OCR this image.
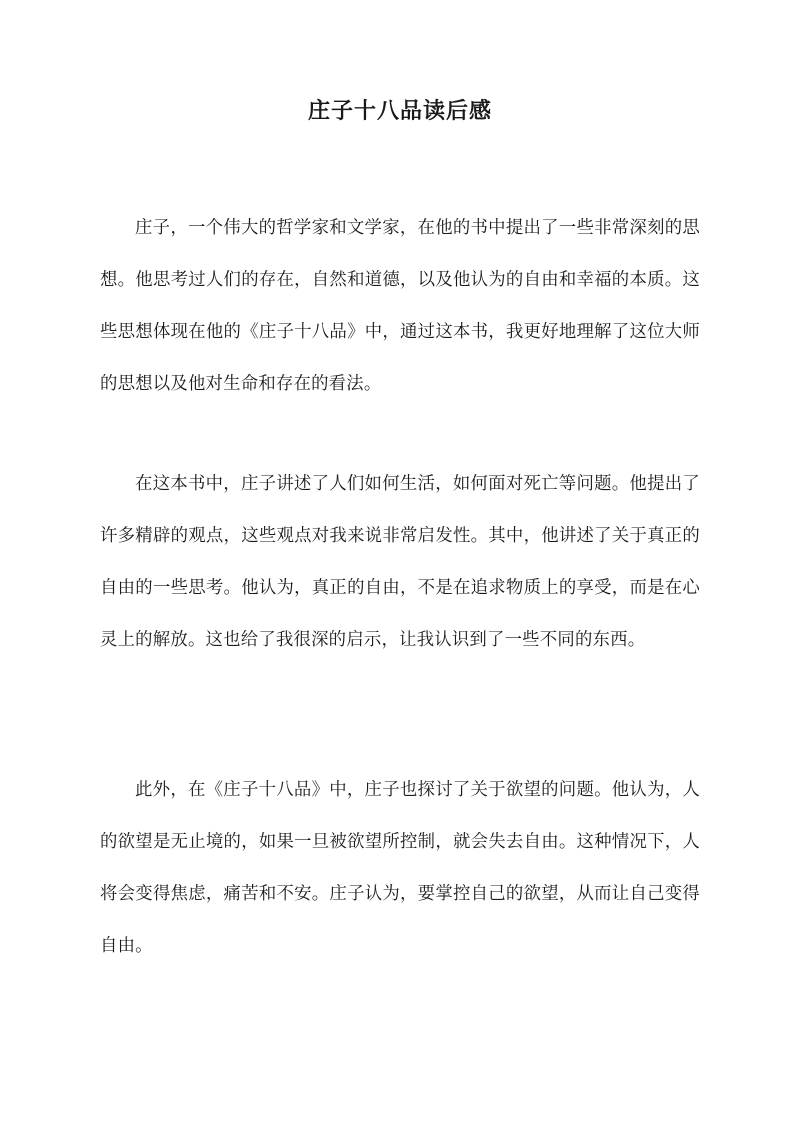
庄子十八品读后感

庄子，一个伟大的哲学家和文学家，在他的书中提出了一些非常深刻的思想。他思考过人们的存在，自然和道德，以及他认为的自由和幸福的本质。这些思想体现在他的《庄子十八品》中，通过这本书，我更好地理解了这位大师的思想以及他对生命和存在的看法。

在这本书中，庄子讲述了人们如何生活，如何面对死亡等问题。他提出了许多精辟的观点，这些观点对我来说非常启发性。其中，他讲述了关于真正的自由的一些思考。他认为，真正的自由，不是在追求物质上的享受，而是在心灵上的解放。这也给了我很深的启示，让我认识到了一些不同的东西。

此外，在《庄子十八品》中，庄子也探讨了关于欲望的问题。他认为，人的欲望是无止境的，如果一旦被欲望所控制，就会失去自由。这种情况下，人将会变得焦虑，痛苦和不安。庄子认为，要掌控自己的欲望，从而让自己变得自由。
